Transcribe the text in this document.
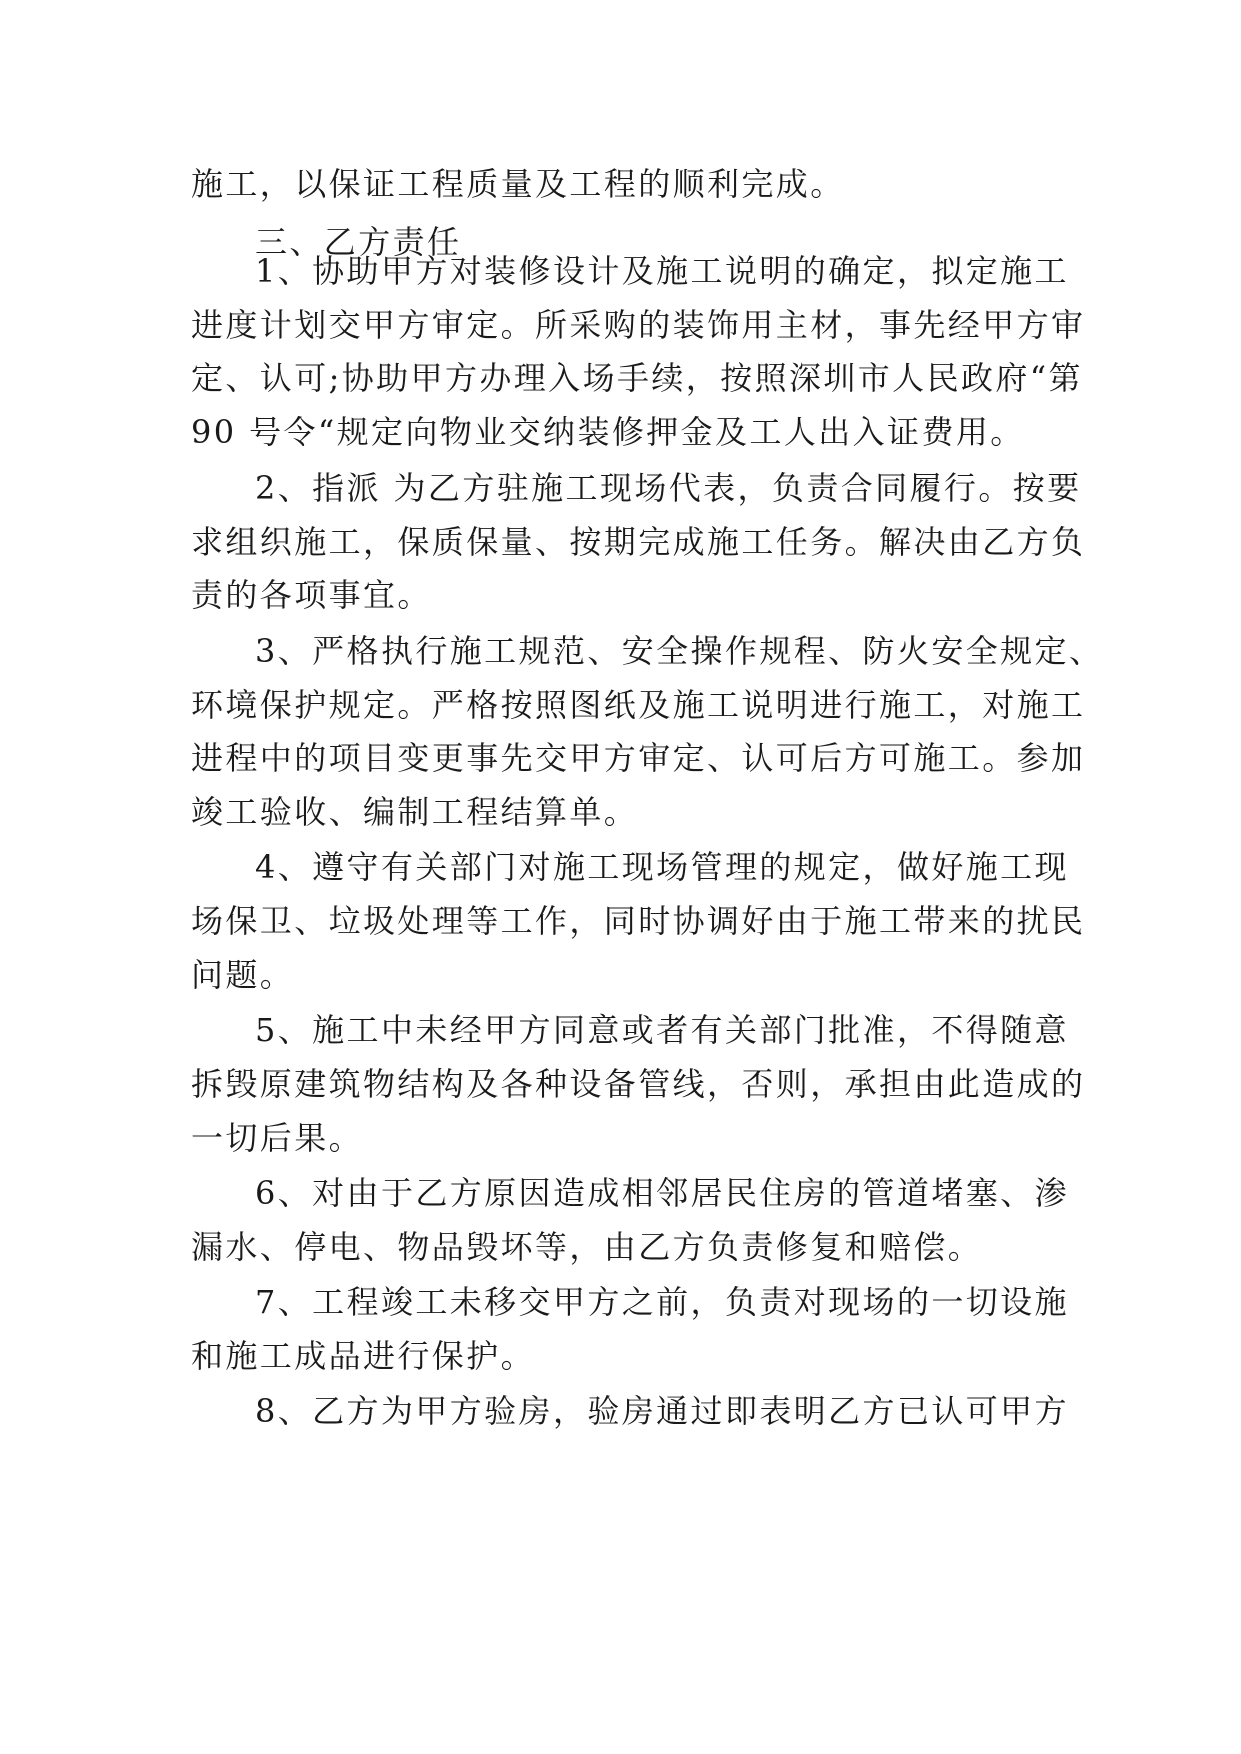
施工，以保证工程质量及工程的顺利完成。
三、乙方责任
1、协助甲方对装修设计及施工说明的确定，拟定施工
进度计划交甲方审定。所采购的装饰用主材，事先经甲方审
定、认可;协助甲方办理入场手续，按照深圳市人民政府“第
90 号令“规定向物业交纳装修押金及工人出入证费用。
2、指派 为乙方驻施工现场代表，负责合同履行。按要
求组织施工，保质保量、按期完成施工任务。解决由乙方负
责的各项事宜。
3、严格执行施工规范、安全操作规程、防火安全规定、
环境保护规定。严格按照图纸及施工说明进行施工，对施工
进程中的项目变更事先交甲方审定、认可后方可施工。参加
竣工验收、编制工程结算单。
4、遵守有关部门对施工现场管理的规定，做好施工现
场保卫、垃圾处理等工作，同时协调好由于施工带来的扰民
问题。
5、施工中未经甲方同意或者有关部门批准，不得随意
拆毁原建筑物结构及各种设备管线，否则，承担由此造成的
一切后果。
6、对由于乙方原因造成相邻居民住房的管道堵塞、渗
漏水、停电、物品毁坏等，由乙方负责修复和赔偿。
7、工程竣工未移交甲方之前，负责对现场的一切设施
和施工成品进行保护。
8、乙方为甲方验房，验房通过即表明乙方已认可甲方
